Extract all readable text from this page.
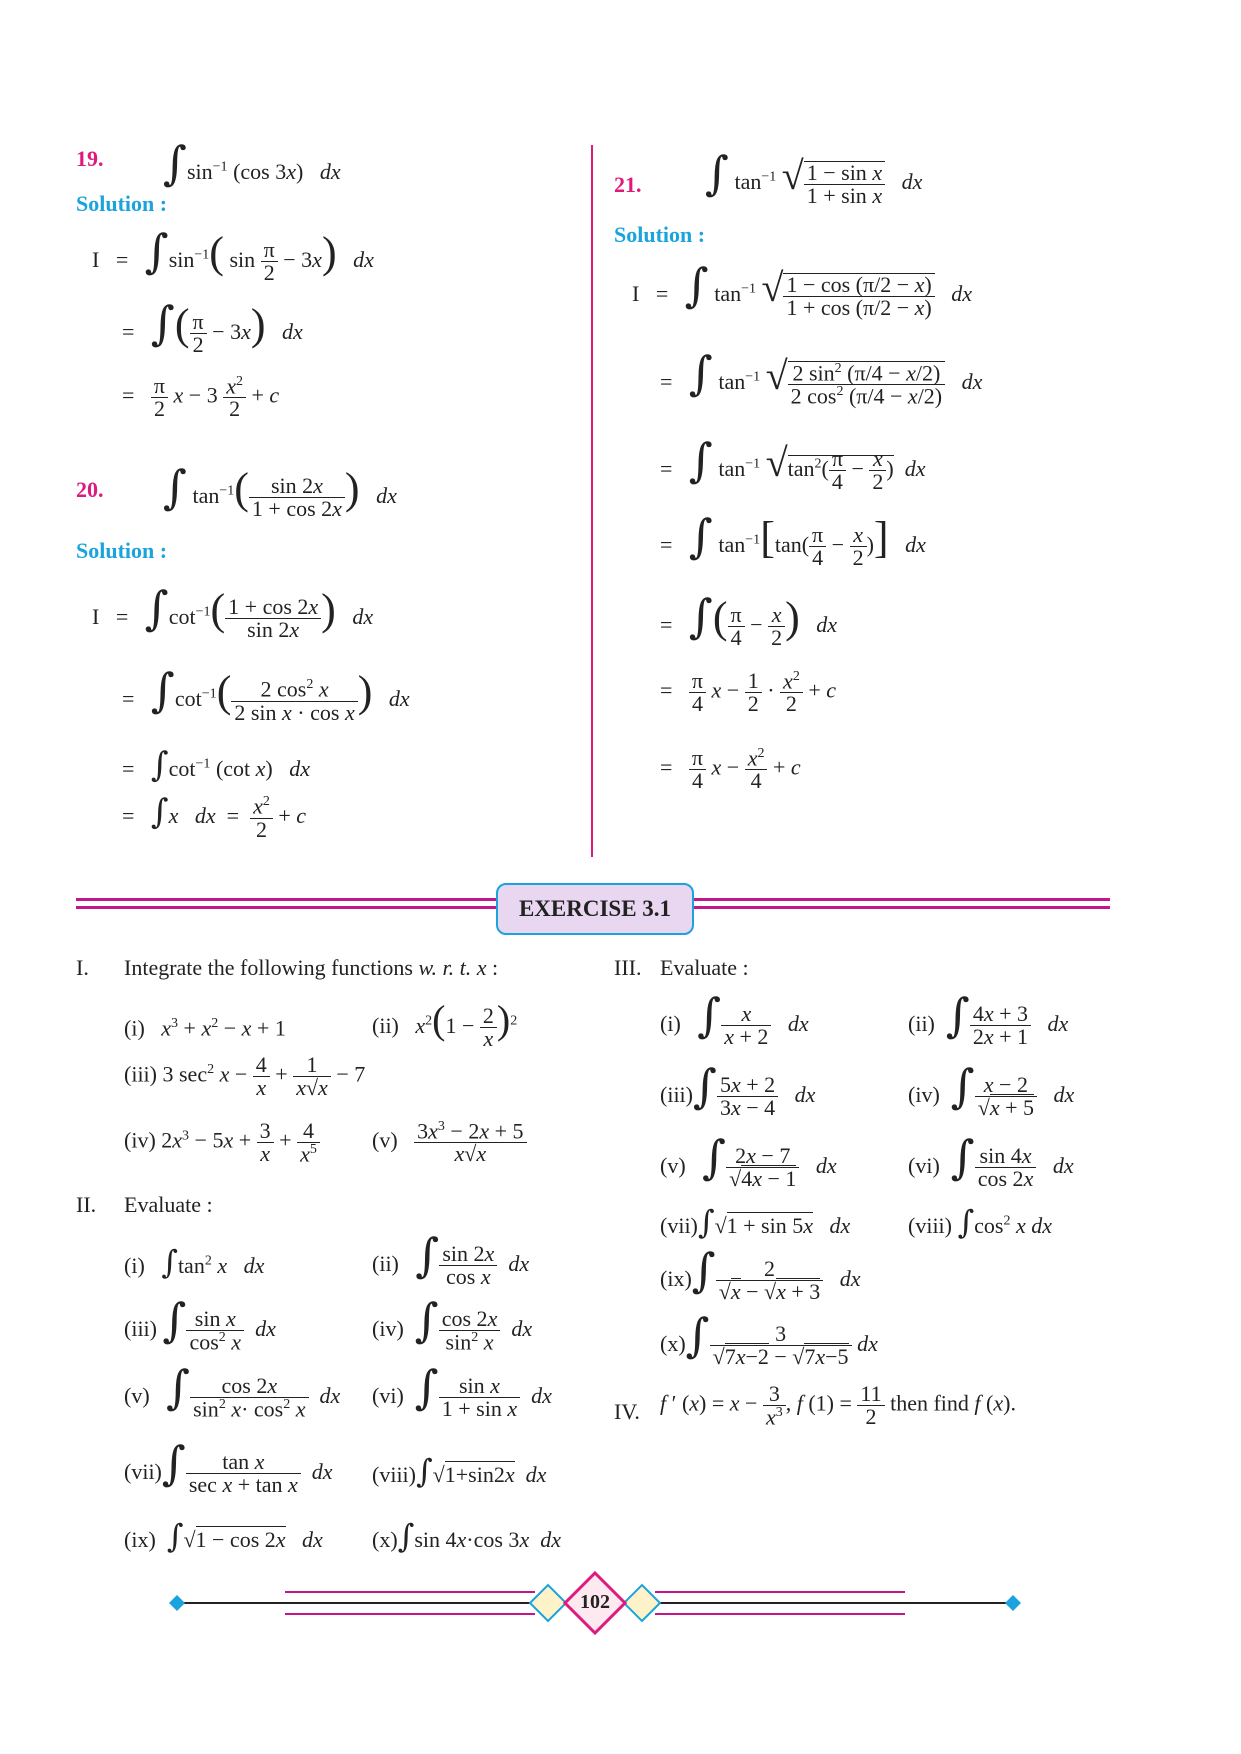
19. $\int\sin^{-1}$ (cos 3x)   dx
Solution :
$I = \int\sin^{-1}$( $\sin \frac{\pi}{2} - 3x$) dx
=   ∫( $\frac{\pi}{2} - 3x$) dx
= $\frac{\pi}{2}$ $x - 3 \frac{x^2}{2} + c$
20. ∫ $\tan^{-1}( \frac{\sin 2x}{1 + \cos 2x}$ ) dx
Solution :
$I = \int\cot^{-1}( \frac{1 + \cos 2x}{\sin 2x}$ ) dx
=   $\int\cot^{-1}( \frac{2 \cos^2 x}{\text{2 sin x · cos x}}$ ) dx
=   $\int\cot^{-1}$ (cot x)   dx
=   ∫x dx  = $\frac{x^2}{2} + c$
21. ∫ $\tan^{-1}$ √ $\frac{\text{1 − sin x}}{\text{1 + sin x}}$ dx
Solution :
I   =   ∫ $\tan^{-1}$ √ $\frac{1 - \cos (\pi/2 - x)}{1 + \cos (\pi/2 - x)}$ dx
=   ∫ $\tan^{-1}$ √ $\frac{2 \sin^2 (\pi/4 - x/2)}{2 \cos^2 (\pi/4 - x/2)}$ dx
=   ∫ $\tan^{-1} √\tan^2( \frac{\pi}{4} - \frac{x}{2}$ ) dx
=   ∫ $\tan^{-1}[\tan( \frac{\pi}{4} - \frac{x}{2}$ )] dx
=   ∫( $\frac{\pi}{4} - \frac{x}{2}$ ) dx
= $\frac{\pi}{4}$ $x - \frac{1}{2} \cdot \frac{x^2}{2} + c$
= $\frac{\pi}{4}$ $x - \frac{x^2}{4} + c$
EXERCISE 3.1
I. Integrate the following functions w. r. t. x :
(i)   $x^3 + x^2 - x + 1$	(ii)   $x^2(1 - \frac{2}{x} )^2$
(iii) 3 $\sec^2 x - \frac{4}{x} + \frac{1}{x√x} - 7$
(iv) $2x^3 - 5x + \frac{3}{x} + \frac{4}{x^5} (v) \frac{3x^3 - 2x + 5}{x√x}$
II. Evaluate :
(i)   $\int\tan^2$ x dx	(ii)   ∫ $\frac{\sin 2x}{\text{cos x}}$ dx
(iii) ∫ $\frac{\text{sin x}}{\cos^2 x}$ dx	(iv)  ∫ $\frac{\cos 2x}{\sin^2 x}$ dx
(v)   ∫ $\frac{\cos 2x}{\sin^2 x\cdot \cos^2 x}$ dx (vi)  ∫ $\frac{\text{sin x}}{\text{1 + sin x}}$ dx
$(vii)\int \frac{\text{tan x}}{\text{sec x + tan x}}$ dx (viii)∫√1+sin2x dx
(ix)  ∫√1 − cos 2x dx (x)∫sin 4x·cos 3x dx
III. Evaluate :
(i)   ∫ $\frac{x}{x + 2}$ dx	(ii)  ∫ $\frac{4x + 3}{2x + 1}$ dx
$(iii)\int \frac{5x + 2}{3x - 4}$ dx	(iv)  ∫ $\frac{x - 2}{√x + 5}$ dx
(v)   ∫ $\frac{2x - 7}{√4x - 1}$ dx	(vi)  ∫ $\frac{\sin 4x}{\cos 2x}$ dx
(vii)∫√1 + sin 5x dx	(viii) $\int\cos^2$ x dx
$(ix)\int \frac{2}{√x - √x + 3}$ dx
$(x)\int \frac{3}{√7x-2 - √7x-5}$ dx
IV. f ′ $(x) = x - \frac{3}{x^3}$ , f $(1) = \frac{11}{2}$ then find f (x).
102
